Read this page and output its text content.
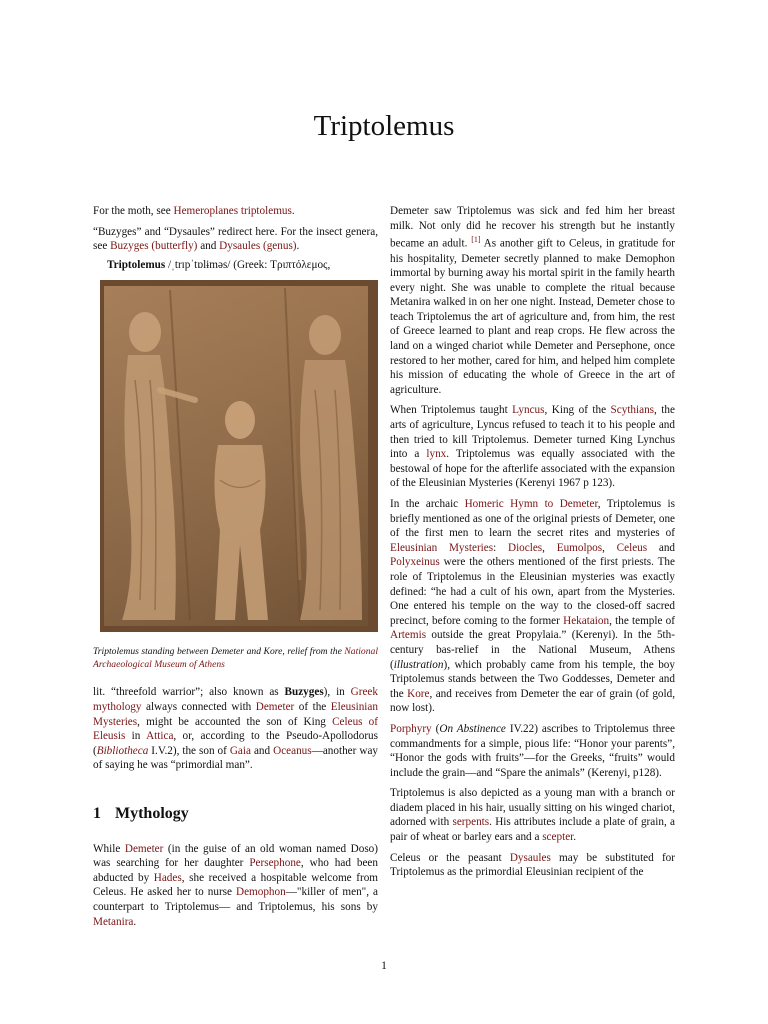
Triptolemus

For the moth, see Hemeroplanes triptolemus.

“Buzyges” and “Dysaules” redirect here. For the insect genera, see Buzyges (butterfly) and Dysaules (genus).

Triptolemus /ˌtrɪpˈtɒlɨməs/ (Greek: Τριπτόλεμος,

Triptolemus standing between Demeter and Kore, relief from the National Archaeological Museum of Athens

lit. “threefold warrior”; also known as Buzyges), in Greek mythology always connected with Demeter of the Eleusinian Mysteries, might be accounted the son of King Celeus of Eleusis in Attica, or, according to the Pseudo-Apollodorus (Bibliotheca I.V.2), the son of Gaia and Oceanus—another way of saying he was “primordial man”.

1 Mythology

While Demeter (in the guise of an old woman named Doso) was searching for her daughter Persephone, who had been abducted by Hades, she received a hospitable welcome from Celeus. He asked her to nurse Demophon—"killer of men", a counterpart to Triptolemus— and Triptolemus, his sons by Metanira.

Demeter saw Triptolemus was sick and fed him her breast milk. Not only did he recover his strength but he instantly became an adult. [1] As another gift to Celeus, in gratitude for his hospitality, Demeter secretly planned to make Demophon immortal by burning away his mortal spirit in the family hearth every night. She was unable to complete the ritual because Metanira walked in on her one night. Instead, Demeter chose to teach Triptolemus the art of agriculture and, from him, the rest of Greece learned to plant and reap crops. He flew across the land on a winged chariot while Demeter and Persephone, once restored to her mother, cared for him, and helped him complete his mission of educating the whole of Greece in the art of agriculture.

When Triptolemus taught Lyncus, King of the Scythians, the arts of agriculture, Lyncus refused to teach it to his people and then tried to kill Triptolemus. Demeter turned King Lynchus into a lynx. Triptolemus was equally associated with the bestowal of hope for the afterlife associated with the expansion of the Eleusinian Mysteries (Kerenyi 1967 p 123).

In the archaic Homeric Hymn to Demeter, Triptolemus is briefly mentioned as one of the original priests of Demeter, one of the first men to learn the secret rites and mysteries of Eleusinian Mysteries: Diocles, Eumolpos, Celeus and Polyxeinus were the others mentioned of the first priests. The role of Triptolemus in the Eleusinian mysteries was exactly defined: “he had a cult of his own, apart from the Mysteries. One entered his temple on the way to the closed-off sacred precinct, before coming to the former Hekataion, the temple of Artemis outside the great Propylaia.” (Kerenyi). In the 5th-century bas-relief in the National Museum, Athens (illustration), which probably came from his temple, the boy Triptolemus stands between the Two Goddesses, Demeter and the Kore, and receives from Demeter the ear of grain (of gold, now lost).

Porphyry (On Abstinence IV.22) ascribes to Triptolemus three commandments for a simple, pious life: “Honor your parents”, “Honor the gods with fruits”—for the Greeks, “fruits” would include the grain—and “Spare the animals” (Kerenyi, p128).

Triptolemus is also depicted as a young man with a branch or diadem placed in his hair, usually sitting on his winged chariot, adorned with serpents. His attributes include a plate of grain, a pair of wheat or barley ears and a scepter.

Celeus or the peasant Dysaules may be substituted for Triptolemus as the primordial Eleusinian recipient of the

1
